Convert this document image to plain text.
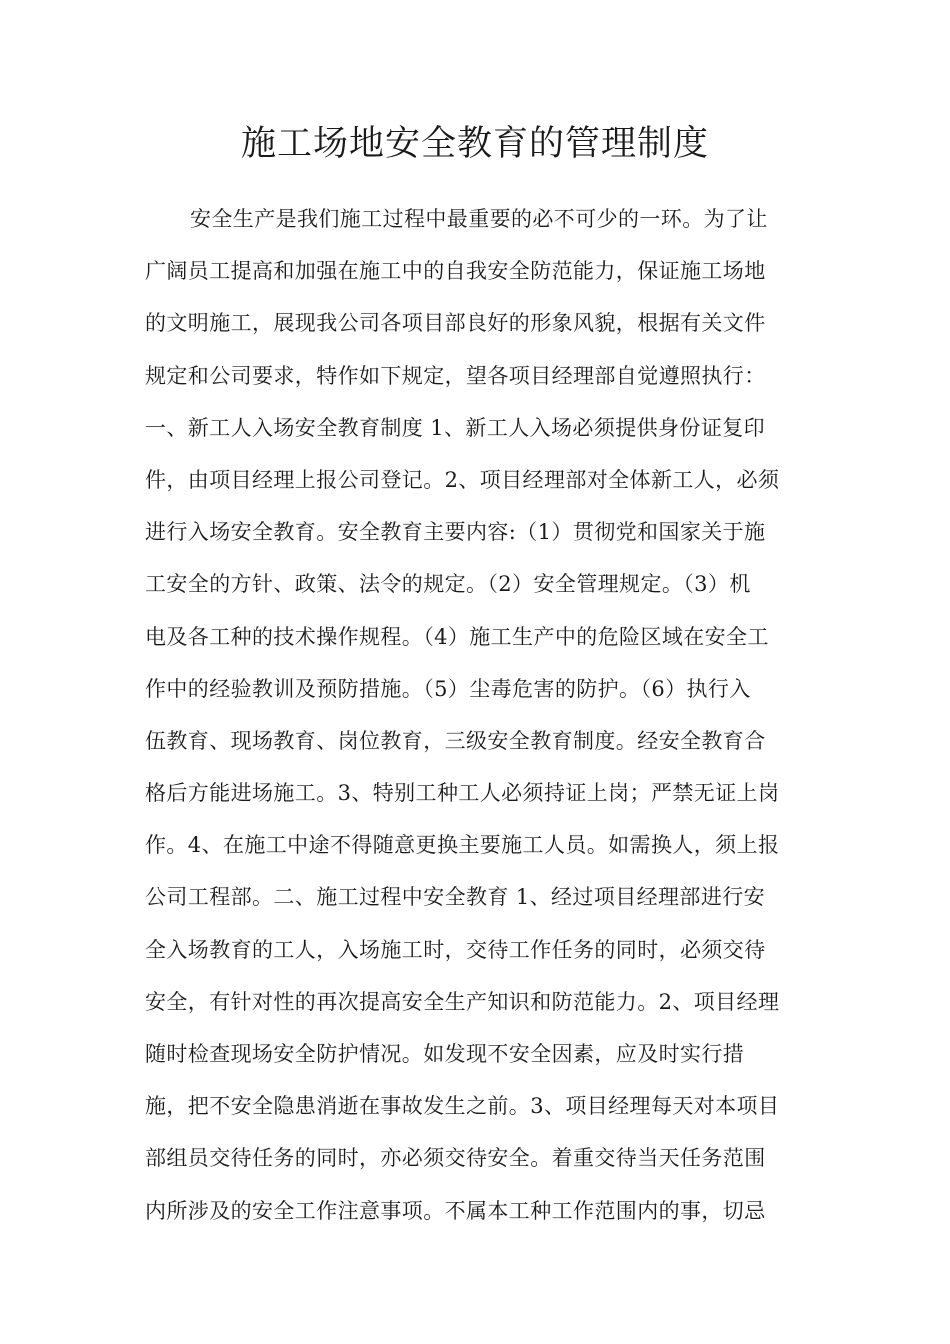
施工场地安全教育的管理制度
安全生产是我们施工过程中最重要的必不可少的一环。为了让
广阔员工提高和加强在施工中的自我安全防范能力，保证施工场地
的文明施工，展现我公司各项目部良好的形象风貌，根据有关文件
规定和公司要求，特作如下规定，望各项目经理部自觉遵照执行：
一、新工人入场安全教育制度 1、新工人入场必须提供身份证复印
件，由项目经理上报公司登记。2、项目经理部对全体新工人，必须
进行入场安全教育。安全教育主要内容:（1）贯彻党和国家关于施
工安全的方针、政策、法令的规定。（2）安全管理规定。（3）机
电及各工种的技术操作规程。（4）施工生产中的危险区域在安全工
作中的经验教训及预防措施。（5）尘毒危害的防护。（6）执行入
伍教育、现场教育、岗位教育，三级安全教育制度。经安全教育合
格后方能进场施工。3、特别工种工人必须持证上岗；严禁无证上岗
作。4、在施工中途不得随意更换主要施工人员。如需换人，须上报
公司工程部。二、施工过程中安全教育 1、经过项目经理部进行安
全入场教育的工人，入场施工时，交待工作任务的同时，必须交待
安全，有针对性的再次提高安全生产知识和防范能力。2、项目经理
随时检查现场安全防护情况。如发现不安全因素，应及时实行措
施，把不安全隐患消逝在事故发生之前。3、项目经理每天对本项目
部组员交待任务的同时，亦必须交待安全。着重交待当天任务范围
内所涉及的安全工作注意事项。不属本工种工作范围内的事，切忌
